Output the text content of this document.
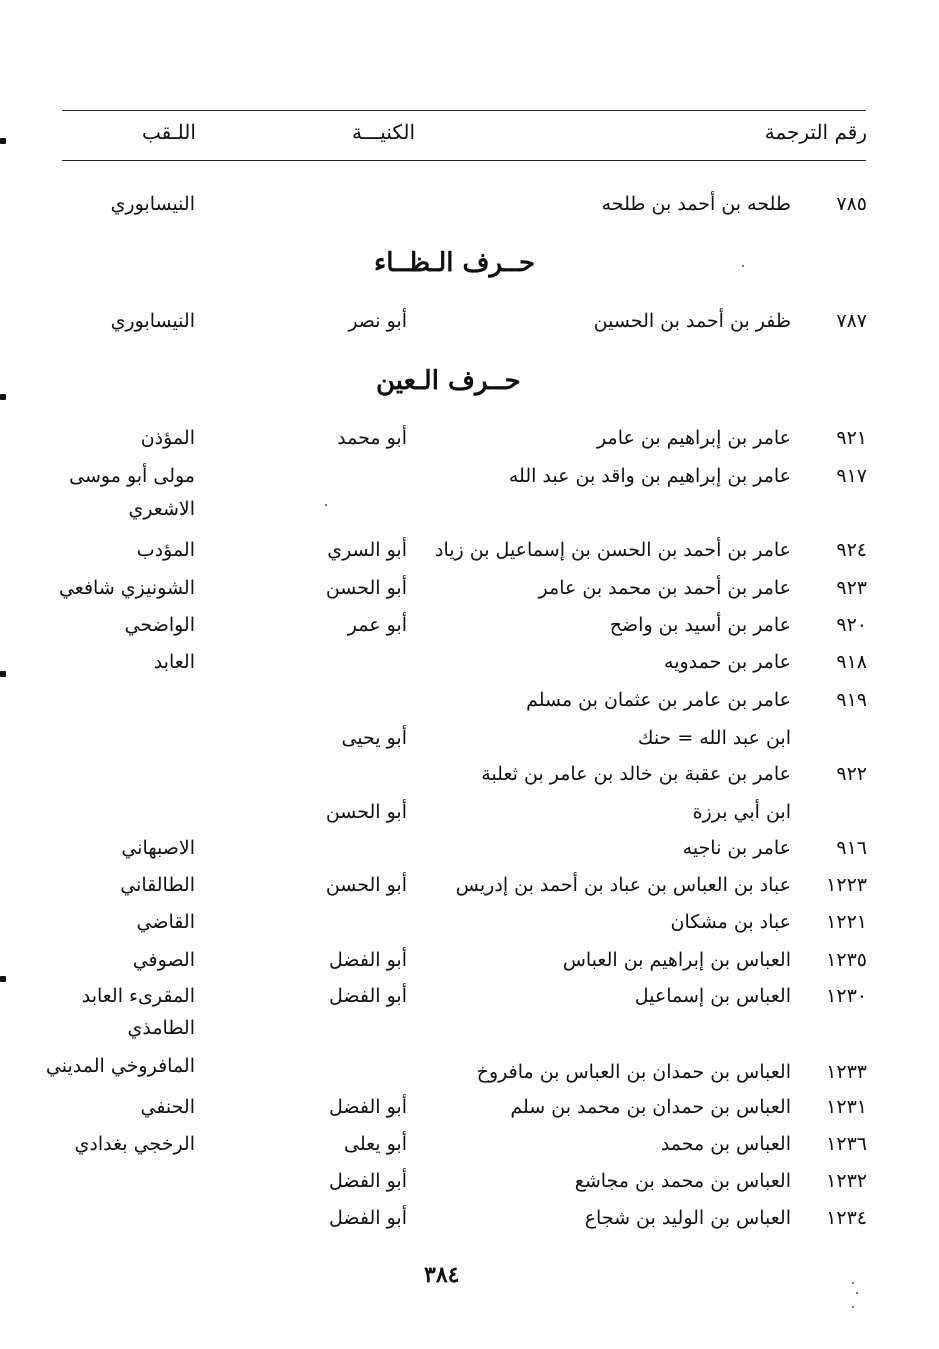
رقم الترجمة
الكنيـــة
اللـقب
٧٨٥
طلحه بن أحمد بن طلحه
النيسابوري
حــرف الـظــاء
٧٨٧
ظفر بن أحمد بن الحسين
أبو نصر
النيسابوري
حــرف الـعين
٩٢١
عامر بن إبراهيم بن عامر
أبو محمد
المؤذن
٩١٧
عامر بن إبراهيم بن واقد بن عبد الله
مولى أبو موسى
الاشعري
٩٢٤
عامر بن أحمد بن الحسن بن إسماعيل بن زياد
أبو السري
المؤدب
٩٢٣
عامر بن أحمد بن محمد بن عامر
أبو الحسن
الشونيزي شافعي
٩٢٠
عامر بن أسيد بن واضح
أبو عمر
الواضحي
٩١٨
عامر بن حمدويه
العابد
٩١٩
عامر بن عامر بن عثمان بن مسلم
ابن عبد الله = حنك
أبو يحيى
٩٢٢
عامر بن عقبة بن خالد بن عامر بن ثعلبة
ابن أبي برزة
أبو الحسن
٩١٦
عامر بن ناجيه
الاصبهاني
١٢٢٣
عباد بن العباس بن عباد بن أحمد بن إدريس
أبو الحسن
الطالقاني
١٢٢١
عباد بن مشكان
القاضي
١٢٣٥
العباس بن إبراهيم بن العباس
أبو الفضل
الصوفي
١٢٣٠
العباس بن إسماعيل
أبو الفضل
المقرىء العابد
الطامذي
المافروخي المديني	١٢٣٣
العباس بن حمدان بن العباس بن مافروخ
١٢٣١
العباس بن حمدان بن محمد بن سلم
أبو الفضل
الحنفي
١٢٣٦
العباس بن محمد
أبو يعلى
الرخجي بغدادي
١٢٣٢
العباس بن محمد بن مجاشع
أبو الفضل
١٢٣٤
العباس بن الوليد بن شجاع
أبو الفضل
٣٨٤
